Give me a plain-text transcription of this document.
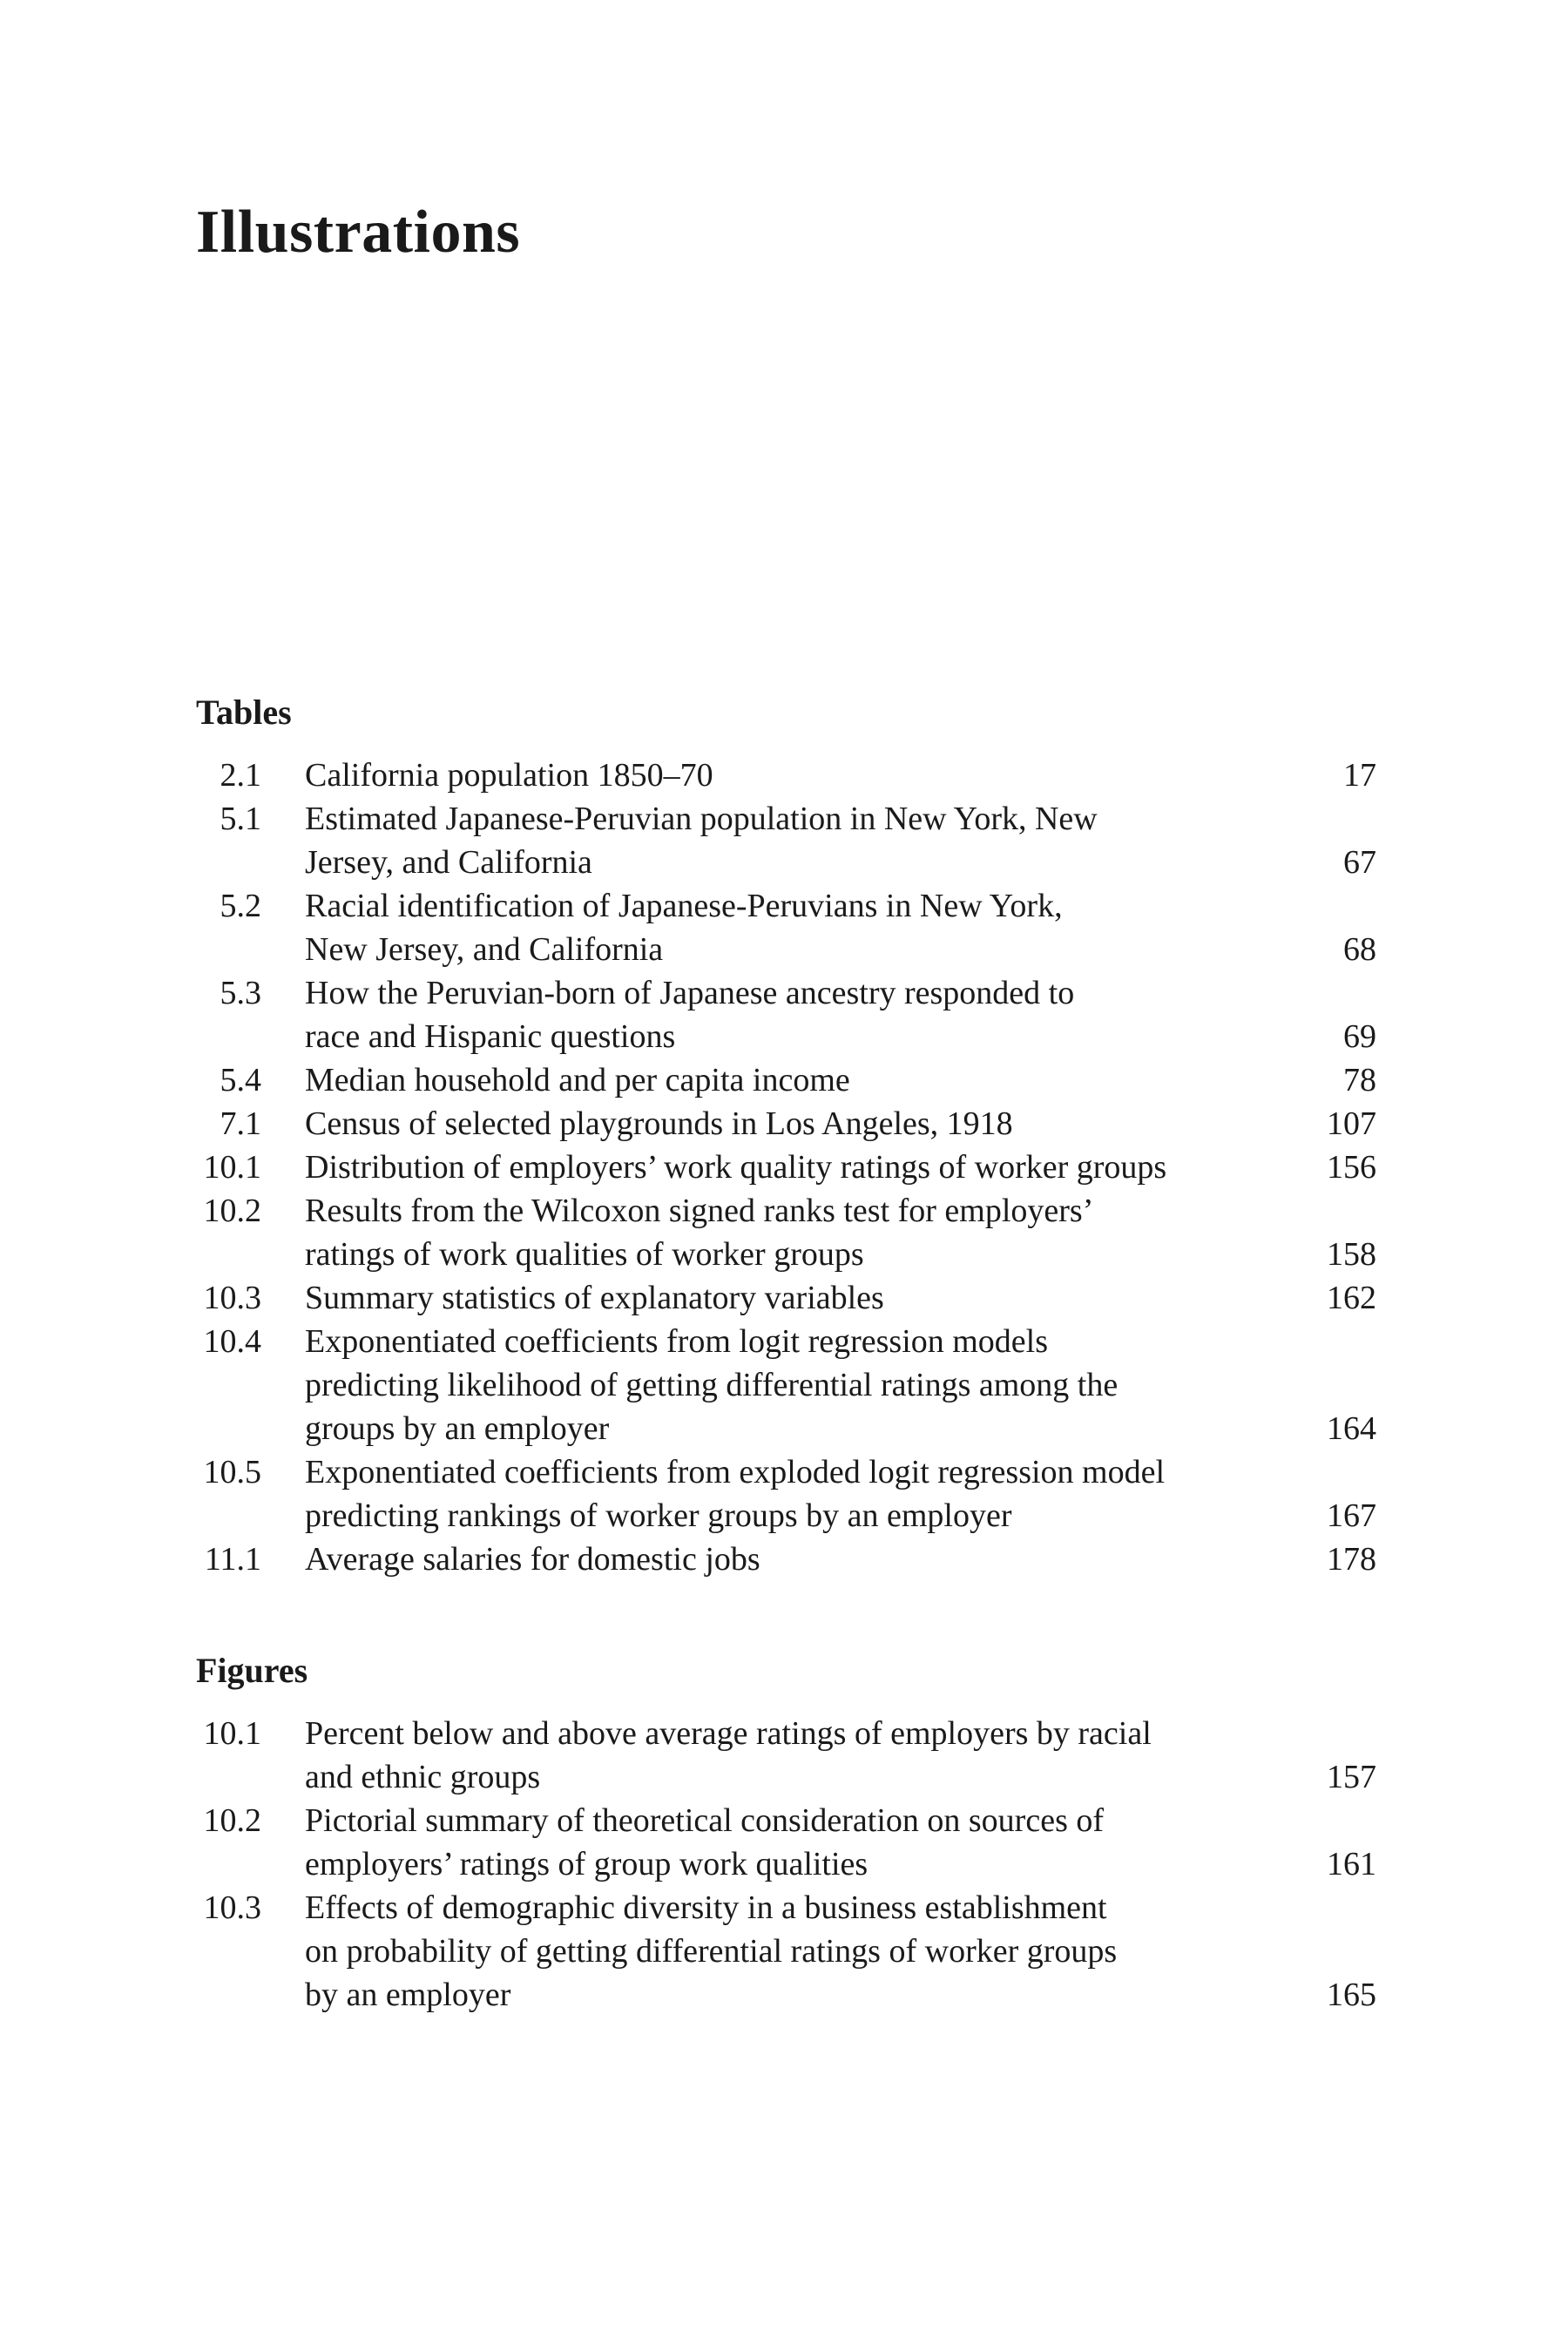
Illustrations
Tables
2.1 California population 1850–70	17
5.1 Estimated Japanese-Peruvian population in New York, New
Jersey, and California	67
5.2 Racial identification of Japanese-Peruvians in New York,
New Jersey, and California	68
5.3 How the Peruvian-born of Japanese ancestry responded to
race and Hispanic questions	69
5.4 Median household and per capita income	78
7.1 Census of selected playgrounds in Los Angeles, 1918	107
10.1 Distribution of employers’ work quality ratings of worker groups	156
10.2 Results from the Wilcoxon signed ranks test for employers’
ratings of work qualities of worker groups	158
10.3 Summary statistics of explanatory variables	162
10.4 Exponentiated coefficients from logit regression models
predicting likelihood of getting differential ratings among the
groups by an employer	164
10.5 Exponentiated coefficients from exploded logit regression model
predicting rankings of worker groups by an employer	167
11.1 Average salaries for domestic jobs	178
Figures
10.1 Percent below and above average ratings of employers by racial
and ethnic groups	157
10.2 Pictorial summary of theoretical consideration on sources of
employers’ ratings of group work qualities	161
10.3 Effects of demographic diversity in a business establishment
on probability of getting differential ratings of worker groups
by an employer	165
